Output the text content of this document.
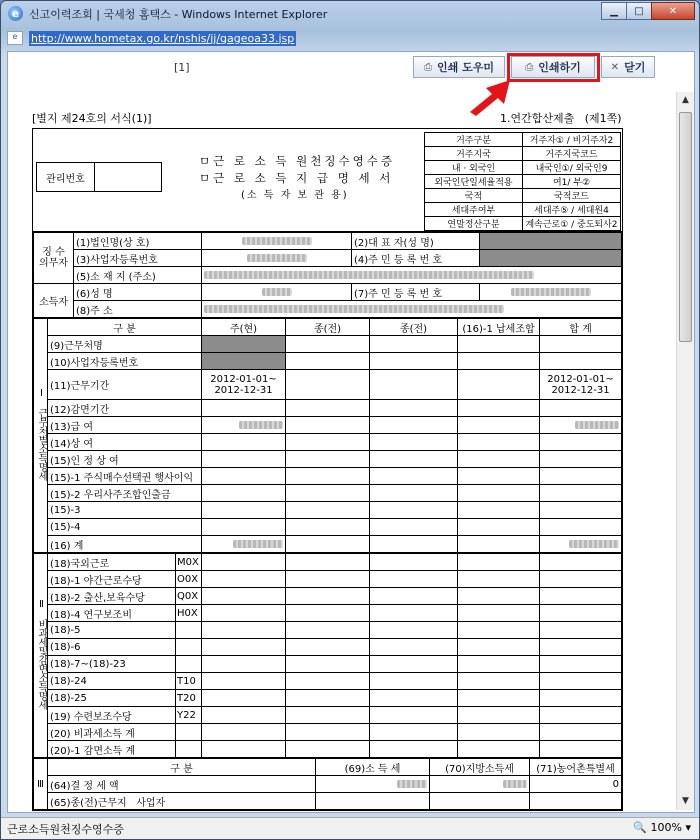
e 신고이력조회 | 국세청 홈택스 - Windows Internet Explorer	▁	□	✕
e	http://www.hometax.go.kr/nshis/jj/gageoa33.jsp
[1]	⎙ 인쇄 도우미	⎙ 인쇄하기	✕ 닫기
[별지 제24호의 서식(1)]	1.연간합산제출 (제1쪽)
관리번호
ㅁ근 로 소 득 원천징수영수증
ㅁ근 로 소 득 지 급 명 세 서
(소 득 자 보 관 용)
거주구분	거주자① / 비거주자2
거주지국	거주지국코드
내 · 외국인	내국인①/ 외국인9
외국인단일세율적용	여1/ 부②
국적	국적코드
세대주여부	세대주⑤ / 세대원4
연말정산구분	계속근로① / 중도퇴사2
징 수 의무자	(1)법인명(상 호)		(2)대 표 자(성 명)	
	(3)사업자등록번호		(4)주 민 등 록 번 호	
	(5)소 재 지 (주소)			
소득자	(6)성 명		(7)주 민 등 록 번 호	
	(8)주 소			
Ⅰ 근무처별소득명세	구 분	주(현)	종(전)	종(전)	(16)-1 납세조합	합 계
	(9)근무처명					
	(10)사업자등록번호					
	(11)근무기간	2012-01-01~
2012-12-31				2012-01-01~
2012-12-31
	(12)감면기간					
	(13)급 여					
	(14)상 여					
	(15)인 정 상 여					
	(15)-1 주식매수선택권 행사이익					
	(15)-2 우리사주조합인출금					
	(15)-3					
	(15)-4					
	(16) 계					
Ⅱ 비과세및감면소득명세	(18)국외근로	M0X					
	(18)-1 야간근로수당	O0X					
	(18)-2 출산,보육수당	Q0X					
	(18)-4 연구보조비	H0X					
	(18)-5						
	(18)-6						
	(18)-7~(18)-23						
	(18)-24	T10					
	(18)-25	T20					
	(19) 수련보조수당	Y22					
	(20) 비과세소득 계						
	(20)-1 감면소득 계						
Ⅲ	구 분	(69)소 득 세	(70)지방소득세	(71)농어촌특별세
	(64)결 정 세 액			0
	(65)종(전)근무지 사업자			
▲
▼
근로소득원천징수영수증	🔍 100% ▾
